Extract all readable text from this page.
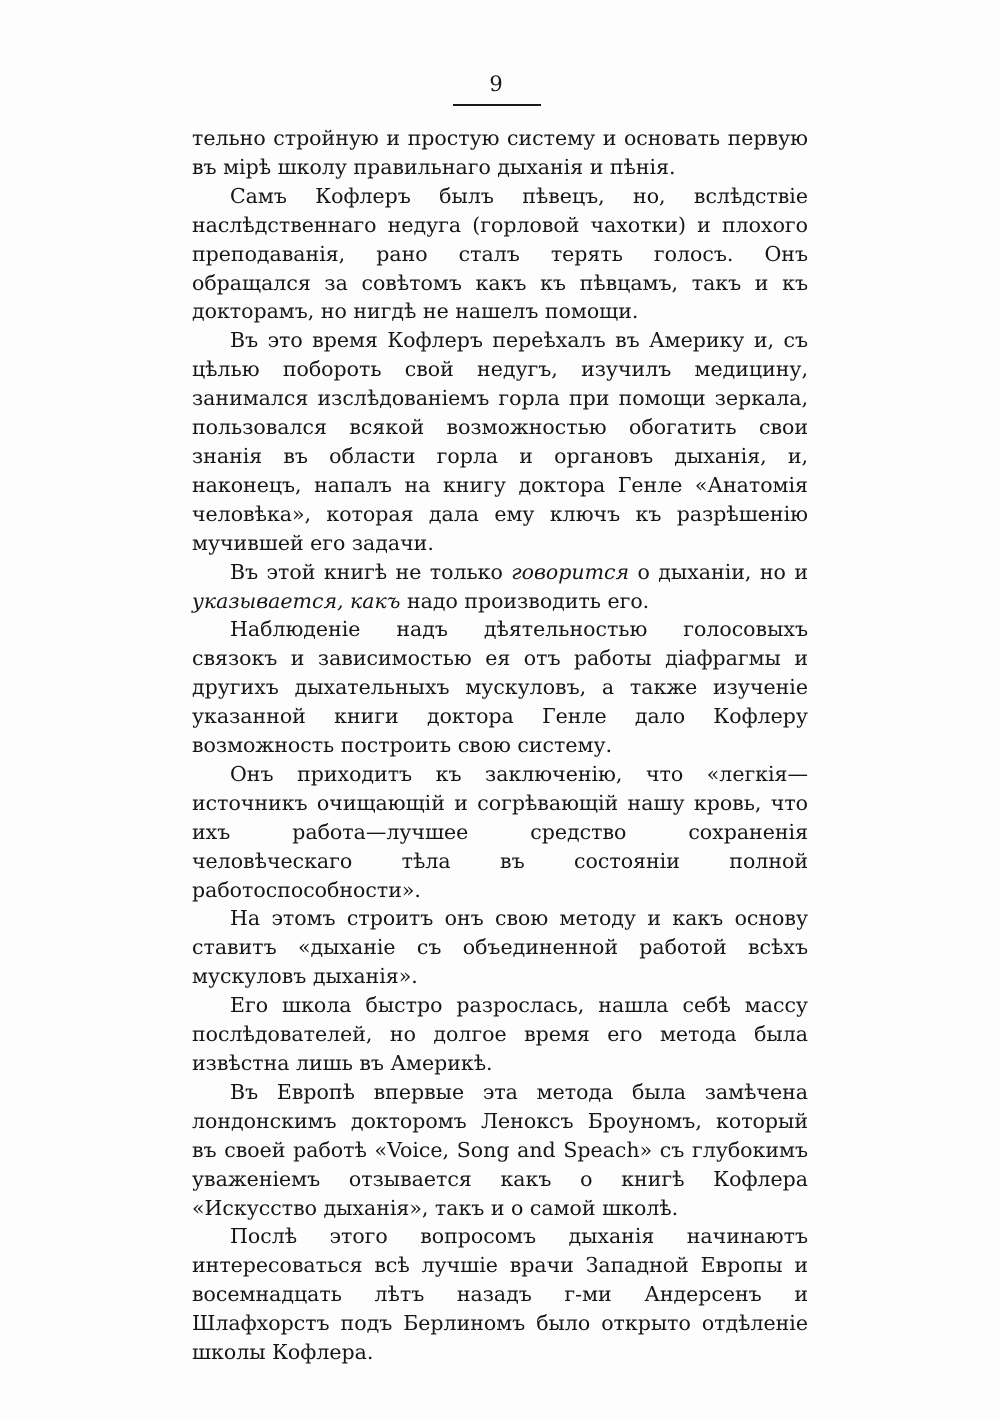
9

тельно стройную и простую систему и основать первую въ мірѣ школу правильнаго дыханія и пѣнія.

Самъ Кофлеръ былъ пѣвецъ, но, вслѣдствіе наслѣдственнаго недуга (горловой чахотки) и плохого преподаванія, рано сталъ терять голосъ. Онъ обращался за совѣтомъ какъ къ пѣвцамъ, такъ и къ докторамъ, но нигдѣ не нашелъ помощи.

Въ это время Кофлеръ переѣхалъ въ Америку и, съ цѣлью побороть свой недугъ, изучилъ медицину, занимался изслѣдованіемъ горла при помощи зеркала, пользовался всякой возможностью обогатить свои знанія въ области горла и органовъ дыханія, и, наконецъ, напалъ на книгу доктора Генле «Анатомія человѣка», которая дала ему ключъ къ разрѣшенію мучившей его задачи.

Въ этой книгѣ не только говорится о дыханіи, но и указывается, какъ надо производить его.

Наблюденіе надъ дѣятельностью голосовыхъ связокъ и зависимостью ея отъ работы діафрагмы и другихъ дыхательныхъ мускуловъ, а также изученіе указанной книги доктора Генле дало Кофлеру возможность построить свою систему.

Онъ приходитъ къ заключенію, что «легкія—источникъ очищающій и согрѣвающій нашу кровь, что ихъ работа—лучшее средство сохраненія человѣческаго тѣла въ состояніи полной работоспособности».

На этомъ строитъ онъ свою методу и какъ основу ставитъ «дыханіе съ объединенной работой всѣхъ мускуловъ дыханія».

Его школа быстро разрослась, нашла себѣ массу послѣдователей, но долгое время его метода была извѣстна лишь въ Америкѣ.

Въ Европѣ впервые эта метода была замѣчена лондонскимъ докторомъ Леноксъ Броуномъ, который въ своей работѣ «Voice, Song and Speach» съ глубокимъ уваженіемъ отзывается какъ о книгѣ Кофлера «Искусство дыханія», такъ и о самой школѣ.

Послѣ этого вопросомъ дыханія начинаютъ интересоваться всѣ лучшіе врачи Западной Европы и восемнадцать лѣтъ назадъ г-ми Андерсенъ и Шлафхорстъ подъ Берлиномъ было открыто отдѣленіе школы Кофлера.
